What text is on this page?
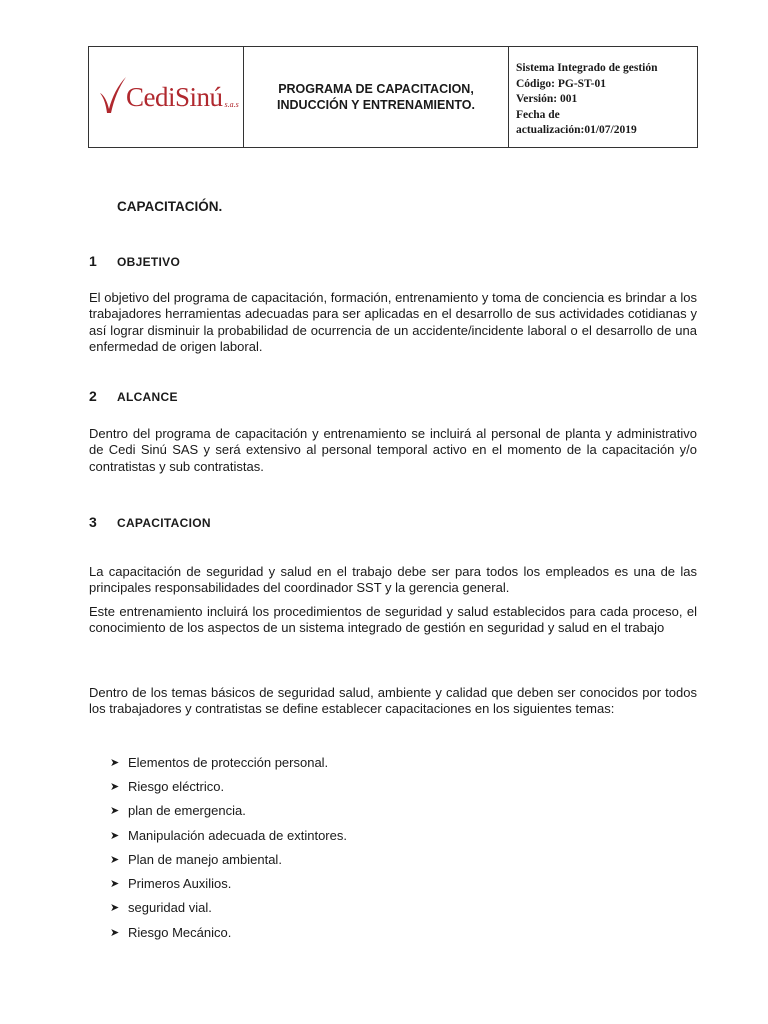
CediSinú s.a.s
PROGRAMA DE CAPACITACION,
INDUCCIÓN Y ENTRENAMIENTO.
Sistema Integrado de gestión
Código: PG-ST-01
Versión: 001
Fecha de
actualización:01/07/2019
CAPACITACIÓN.
1	OBJETIVO

El objetivo del programa de capacitación, formación, entrenamiento y toma de conciencia es brindar a los trabajadores herramientas adecuadas para ser aplicadas en el desarrollo de sus actividades cotidianas y así lograr disminuir la probabilidad de ocurrencia de un accidente/incidente laboral o el desarrollo de una enfermedad de origen laboral.

2	ALCANCE

Dentro del programa de capacitación y entrenamiento se incluirá al personal de planta y administrativo de Cedi Sinú SAS y será extensivo al personal temporal activo en el momento de la capacitación y/o contratistas y sub contratistas.

3	CAPACITACION

La capacitación de seguridad y salud en el trabajo debe ser para todos los empleados es una de las principales responsabilidades del coordinador SST y la gerencia general.

Este entrenamiento incluirá los procedimientos de seguridad y salud establecidos para cada proceso, el conocimiento de los aspectos de un sistema integrado de gestión en seguridad y salud en el trabajo

Dentro de los temas básicos de seguridad salud, ambiente y calidad que deben ser conocidos por todos los trabajadores y contratistas se define establecer capacitaciones en los siguientes temas:

➤ Elementos de protección personal.
➤ Riesgo eléctrico.
➤ plan de emergencia.
➤ Manipulación adecuada de extintores.
➤ Plan de manejo ambiental.
➤ Primeros Auxilios.
➤ seguridad vial.
➤ Riesgo Mecánico.
